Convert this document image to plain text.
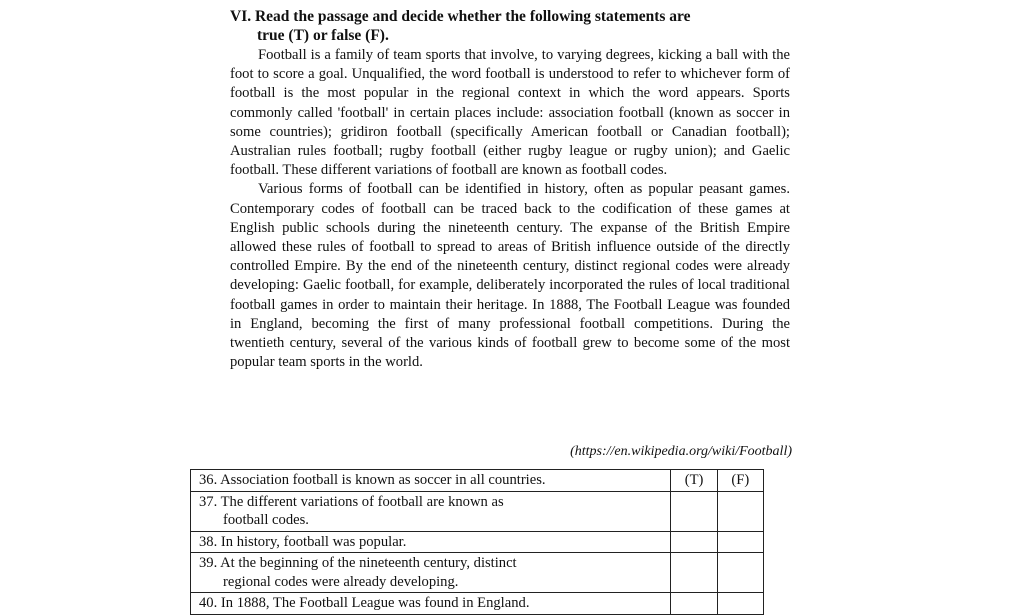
VI. Read the passage and decide whether the following statements are
true (T) or false (F).

Football is a family of team sports that involve, to varying degrees, kicking a ball with the foot to score a goal. Unqualified, the word football is understood to refer to whichever form of football is the most popular in the regional context in which the word appears. Sports commonly called 'football' in certain places include: association football (known as soccer in some countries); gridiron football (specifically American football or Canadian football); Australian rules football; rugby football (either rugby league or rugby union); and Gaelic football. These different variations of football are known as football codes.

Various forms of football can be identified in history, often as popular peasant games. Contemporary codes of football can be traced back to the codification of these games at English public schools during the nineteenth century. The expanse of the British Empire allowed these rules of football to spread to areas of British influence outside of the directly controlled Empire. By the end of the nineteenth century, distinct regional codes were already developing: Gaelic football, for example, deliberately incorporated the rules of local traditional football games in order to maintain their heritage. In 1888, The Football League was founded in England, becoming the first of many professional football competitions. During the twentieth century, several of the various kinds of football grew to become some of the most popular team sports in the world.

(https://en.wikipedia.org/wiki/Football)
36. Association football is known as soccer in all countries.	(T)	(F)
37. The different variations of football are known as
football codes.		

38. In history, football was popular.		
39. At the beginning of the nineteenth century, distinct
regional codes were already developing.		

40. In 1888, The Football League was found in England.		
